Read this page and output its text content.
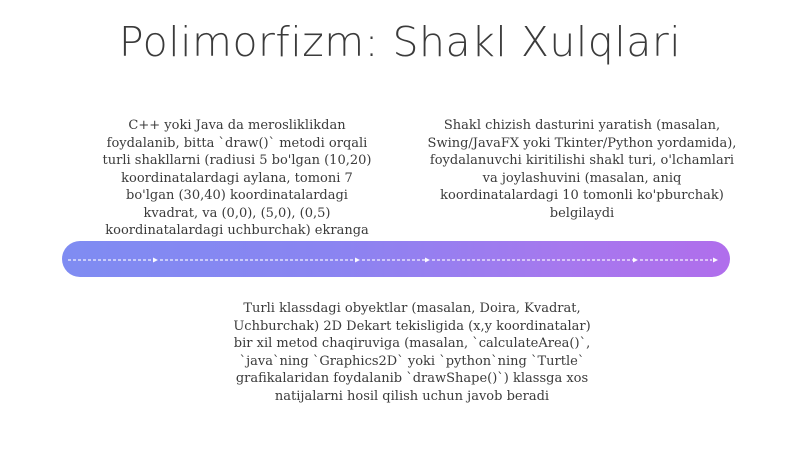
Polimorfizm: Shakl Xulqlari
C++ yoki Java da merosliklikdan foydalanib, bitta `draw()` metodi orqali turli shakllarni (radiusi 5 bo'lgan (10,20) koordinatalardagi aylana, tomoni 7 bo'lgan (30,40) koordinatalardagi kvadrat, va (0,0), (5,0), (0,5) koordinatalardagi uchburchak) ekranga
Shakl chizish dasturini yaratish (masalan, Swing/JavaFX yoki Tkinter/Python yordamida), foydalanuvchi kiritilishi shakl turi, o'lchamlari va joylashuvini (masalan, aniq koordinatalardagi 10 tomonli ko'pburchak) belgilaydi
Turli klassdagi obyektlar (masalan, Doira, Kvadrat, Uchburchak) 2D Dekart tekisligida (x,y koordinatalar) bir xil metod chaqiruviga (masalan, `calculateArea()`, `java`ning `Graphics2D` yoki `python`ning `Turtle` grafikalaridan foydalanib `drawShape()`) klassga xos natijalarni hosil qilish uchun javob beradi
